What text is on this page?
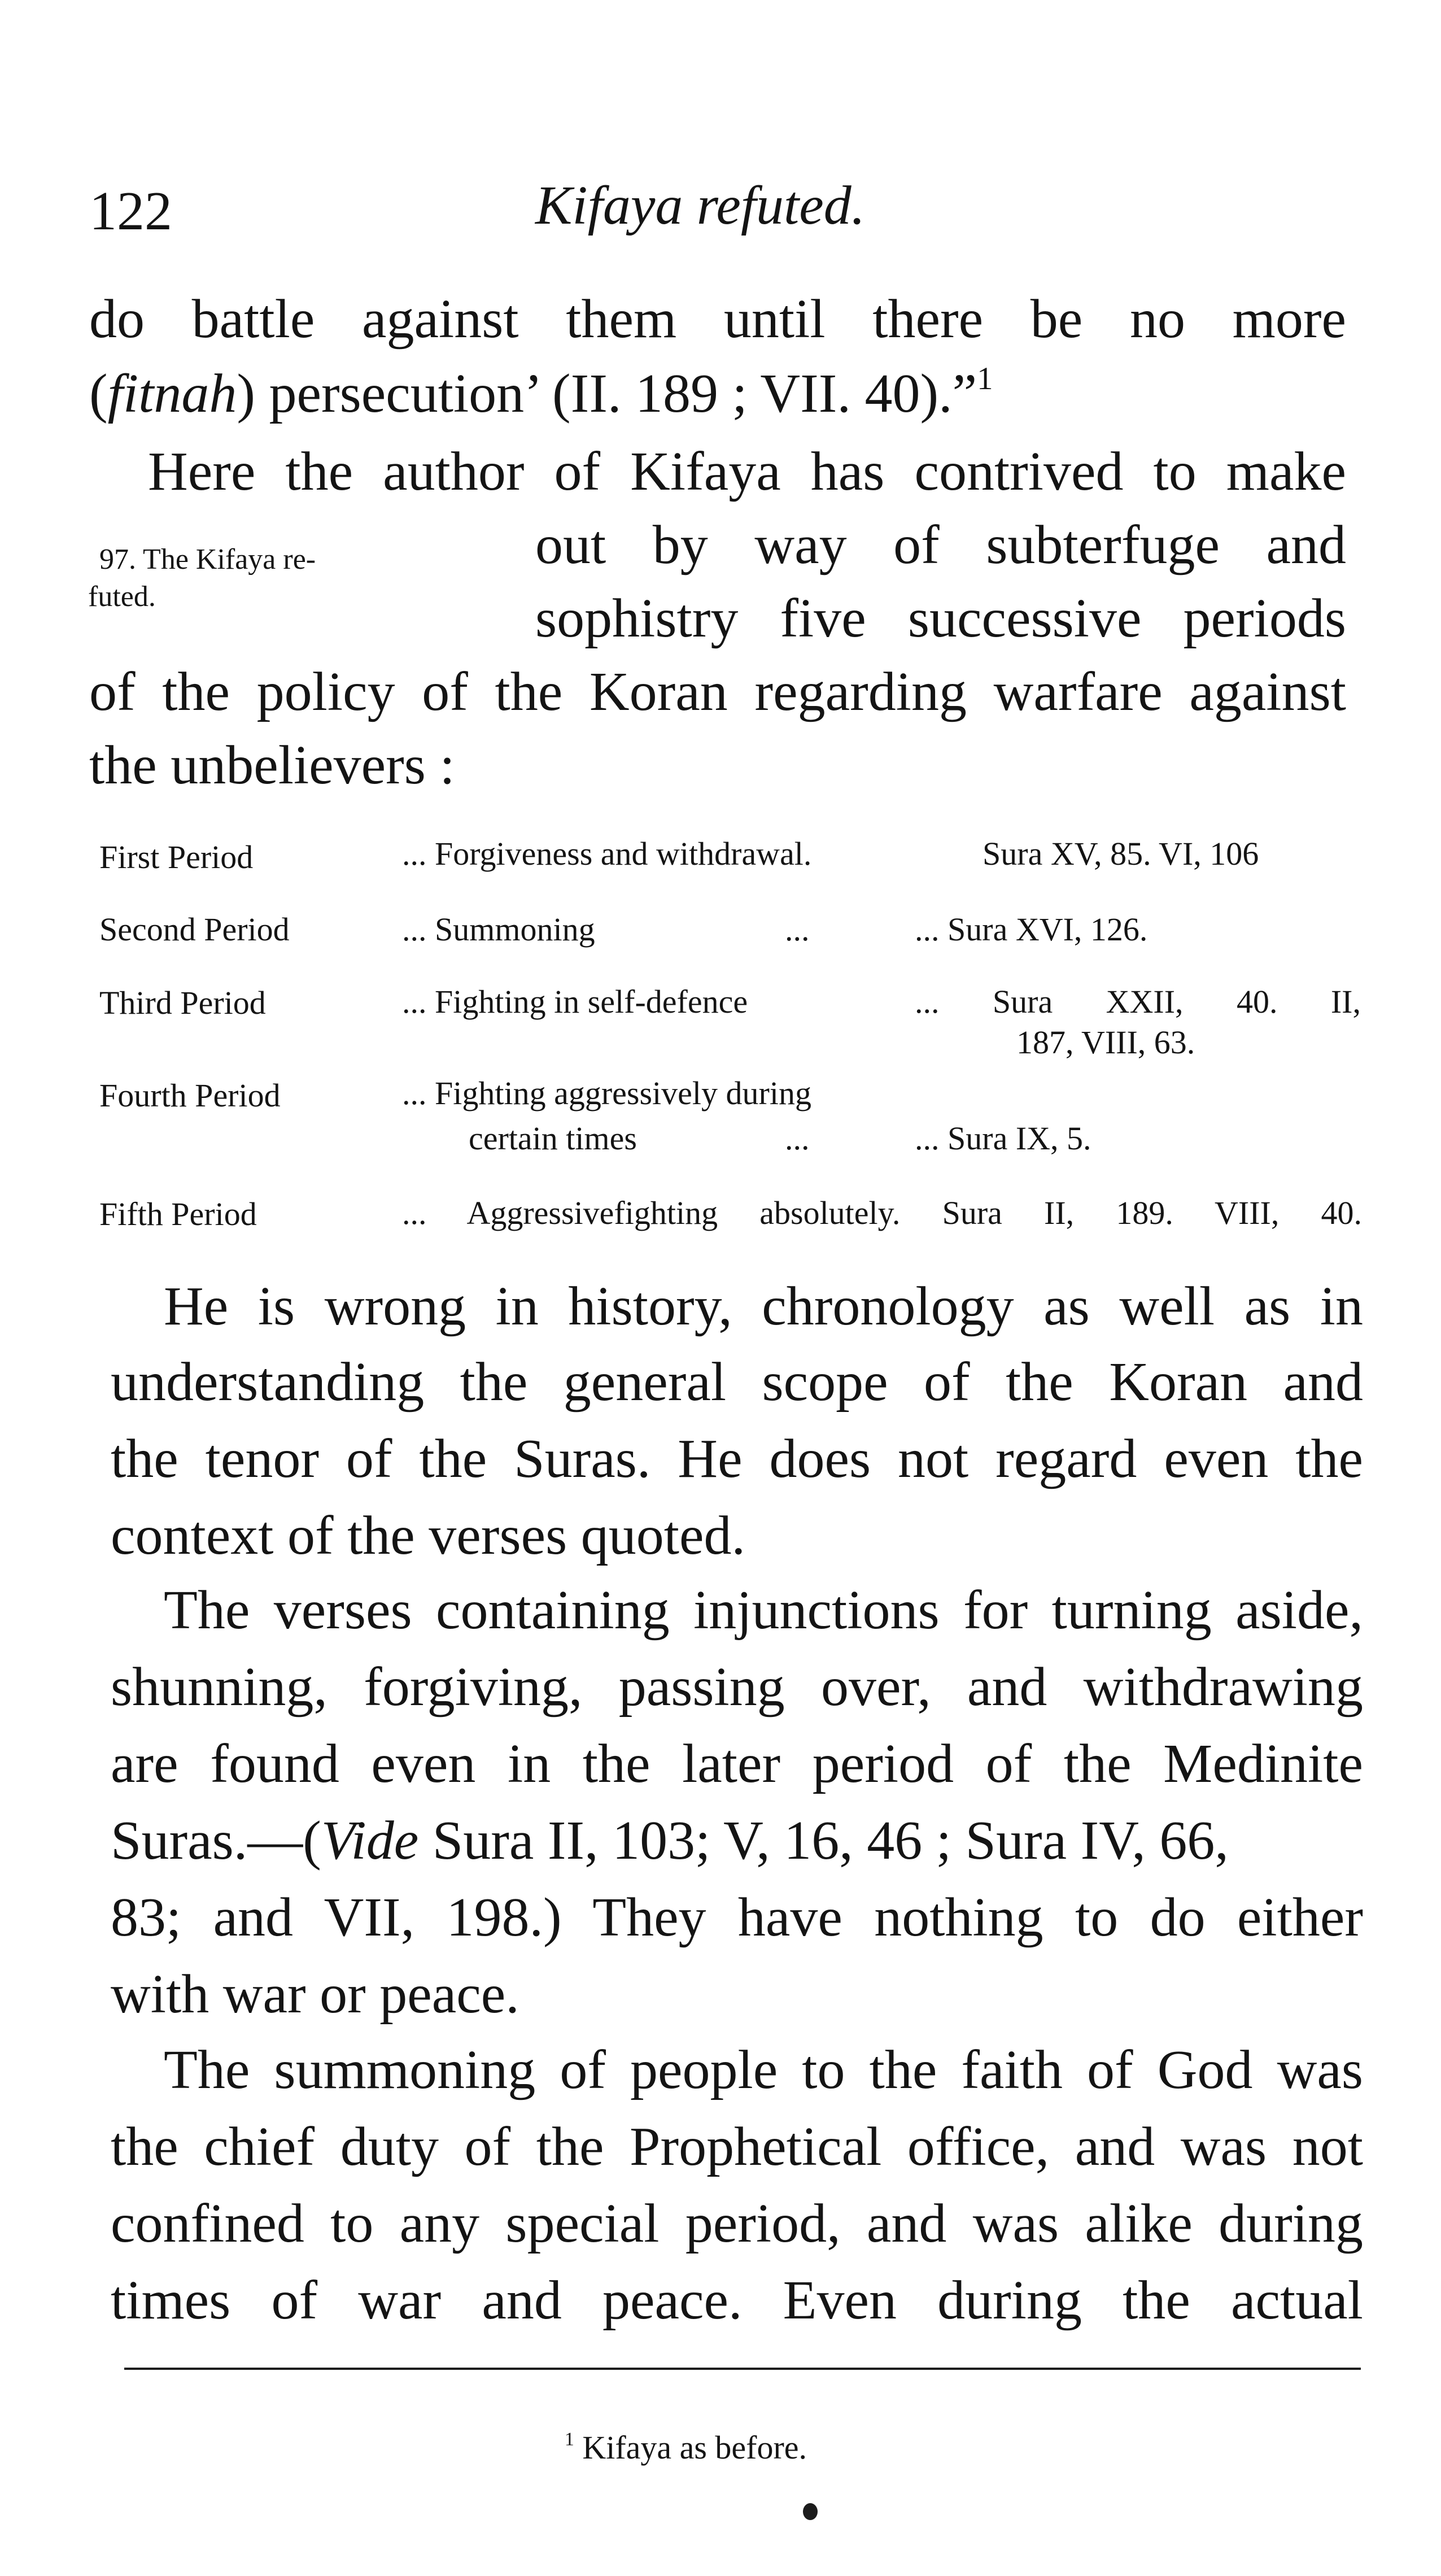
122	Kifaya refuted.
do battle against them until there be no more
(fitnah) persecution’ (II. 189 ; VII. 40).”$^1$
Here the author of Kifaya has contrived to make
out by way of subterfuge and
sophistry five successive periods
of the policy of the Koran regarding warfare against
the unbelievers :
97. The Kifaya re-
futed.
First Period	... Forgiveness and withdrawal.	Sura XV, 85. VI, 106
Second Period	... Summoning	...	... Sura XVI, 126.
Third Period	... Fighting in self-defence	... Sura XXII, 40. II,
187, VIII, 63.
Fourth Period	... Fighting aggressively during
certain times	...	... Sura IX, 5.
Fifth Period	... Aggressivefighting absolutely. Sura II, 189. VIII, 40.
He is wrong in history, chronology as well as in
understanding the general scope of the Koran and
the tenor of the Suras. He does not regard even the
context of the verses quoted.
The verses containing injunctions for turning aside,
shunning, forgiving, passing over, and withdrawing
are found even in the later period of the Medinite
Suras.—(Vide Sura II, 103; V, 16, 46 ; Sura IV, 66,
83; and VII, 198.) They have nothing to do either
with war or peace.
The summoning of people to the faith of God was
the chief duty of the Prophetical office, and was not
confined to any special period, and was alike during
times of war and peace. Even during the actual
$^1$ Kifaya as before.
